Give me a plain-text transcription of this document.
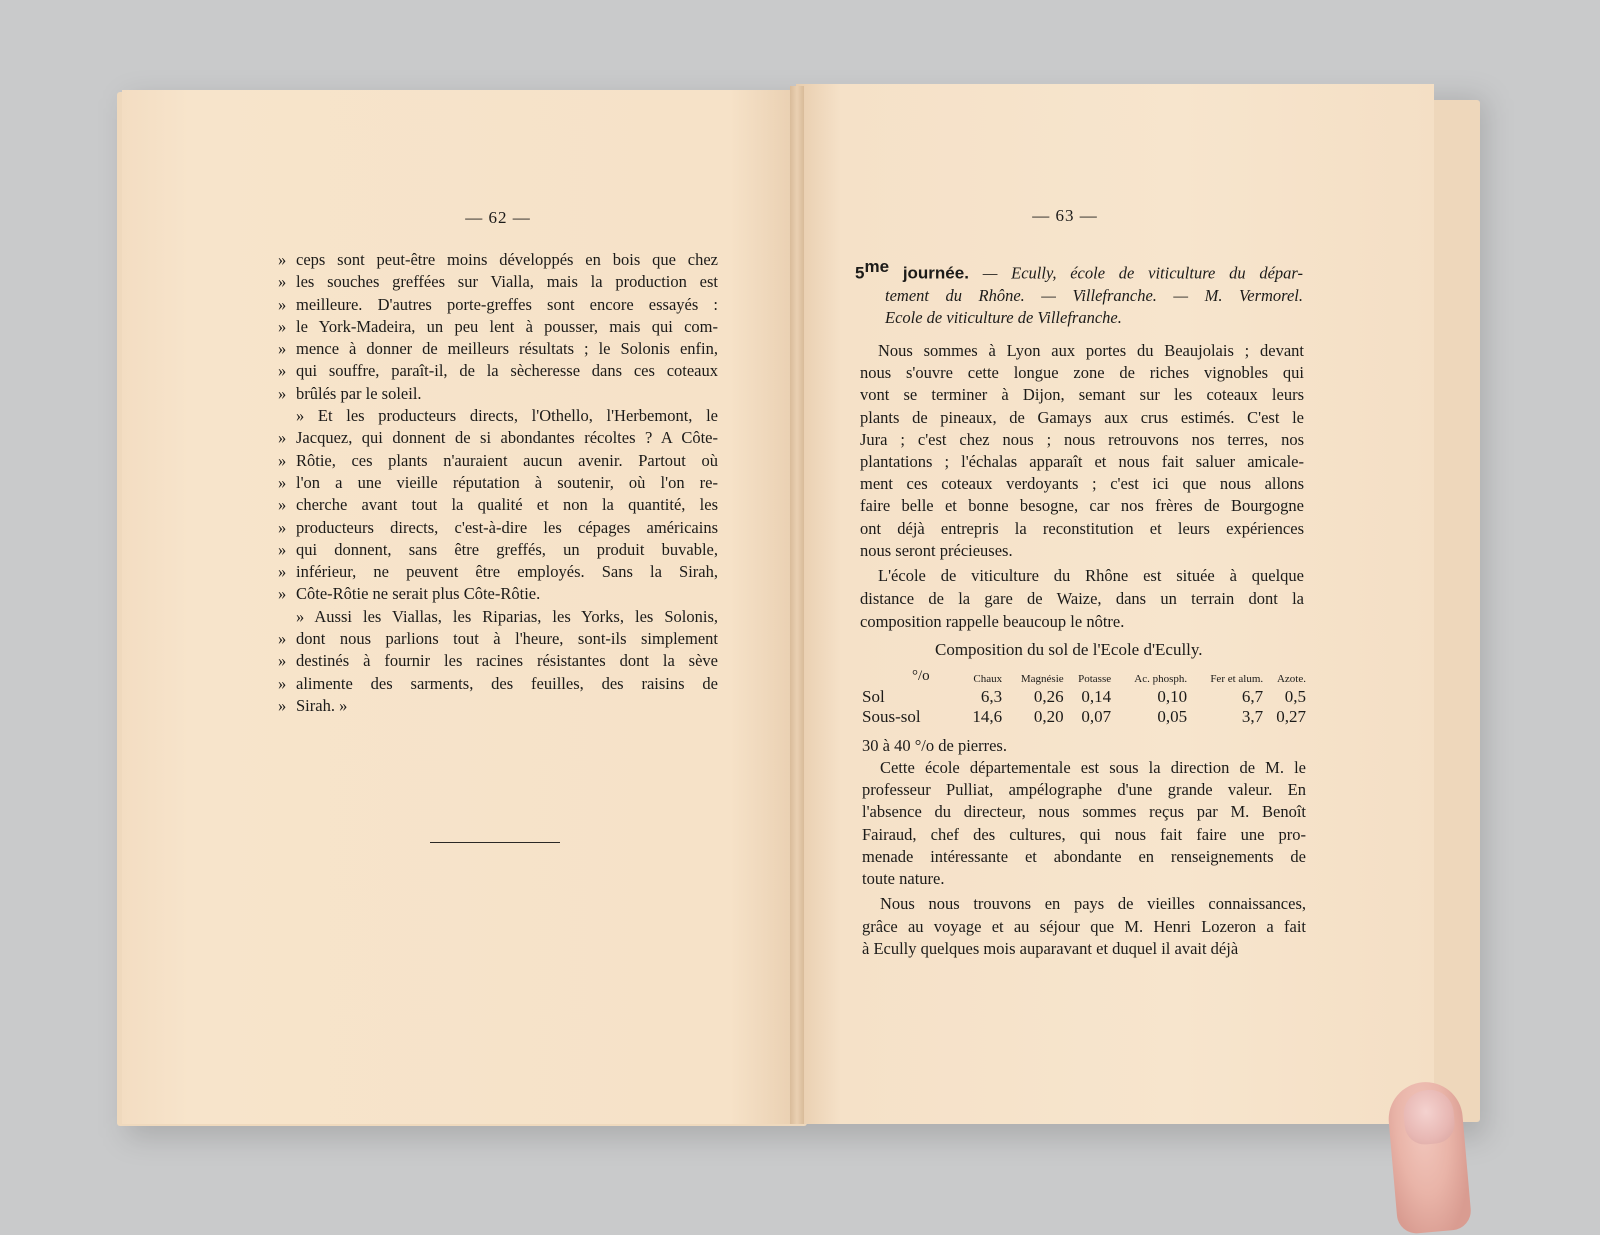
— 62 —
» ceps sont peut-être moins développés en bois que chez
» les souches greffées sur Vialla, mais la production est
» meilleure. D'autres porte-greffes sont encore essayés :
» le York-Madeira, un peu lent à pousser, mais qui com-
» mence à donner de meilleurs résultats ; le Solonis enfin,
» qui souffre, paraît-il, de la sècheresse dans ces coteaux
» brûlés par le soleil.
» Et les producteurs directs, l'Othello, l'Herbemont, le
» Jacquez, qui donnent de si abondantes récoltes ? A Côte-
» Rôtie, ces plants n'auraient aucun avenir. Partout où
» l'on a une vieille réputation à soutenir, où l'on re-
» cherche avant tout la qualité et non la quantité, les
» producteurs directs, c'est-à-dire les cépages américains
» qui donnent, sans être greffés, un produit buvable,
» inférieur, ne peuvent être employés. Sans la Sirah,
» Côte-Rôtie ne serait plus Côte-Rôtie.
» Aussi les Viallas, les Riparias, les Yorks, les Solonis,
» dont nous parlions tout à l'heure, sont-ils simplement
» destinés à fournir les racines résistantes dont la sève
» alimente des sarments, des feuilles, des raisins de
» Sirah. »
— 63 —
$5^{me}$ journée. — Ecully, école de viticulture du dépar-
tement du Rhône. — Villefranche. — M. Vermorel.
Ecole de viticulture de Villefranche.
Nous sommes à Lyon aux portes du Beaujolais ; devant
nous s'ouvre cette longue zone de riches vignobles qui
vont se terminer à Dijon, semant sur les coteaux leurs
plants de pineaux, de Gamays aux crus estimés. C'est le
Jura ; c'est chez nous ; nous retrouvons nos terres, nos
plantations ; l'échalas apparaît et nous fait saluer amicale-
ment ces coteaux verdoyants ; c'est ici que nous allons
faire belle et bonne besogne, car nos frères de Bourgogne
ont déjà entrepris la reconstitution et leurs expériences
nous seront précieuses.
L'école de viticulture du Rhône est située à quelque
distance de la gare de Waize, dans un terrain dont la
composition rappelle beaucoup le nôtre.
Composition du sol de l'Ecole d'Ecully.
°/o	Chaux	Magnésie	Potasse	Ac. phosph.	Fer et alum.	Azote.
Sol	6,3	0,26	0,14	0,10	6,7	0,5
Sous-sol	14,6	0,20	0,07	0,05	3,7	0,27
30 à 40 °/o de pierres.
Cette école départementale est sous la direction de M. le
professeur Pulliat, ampélographe d'une grande valeur. En
l'absence du directeur, nous sommes reçus par M. Benoît
Fairaud, chef des cultures, qui nous fait faire une pro-
menade intéressante et abondante en renseignements de
toute nature.
Nous nous trouvons en pays de vieilles connaissances,
grâce au voyage et au séjour que M. Henri Lozeron a fait
à Ecully quelques mois auparavant et duquel il avait déjà
